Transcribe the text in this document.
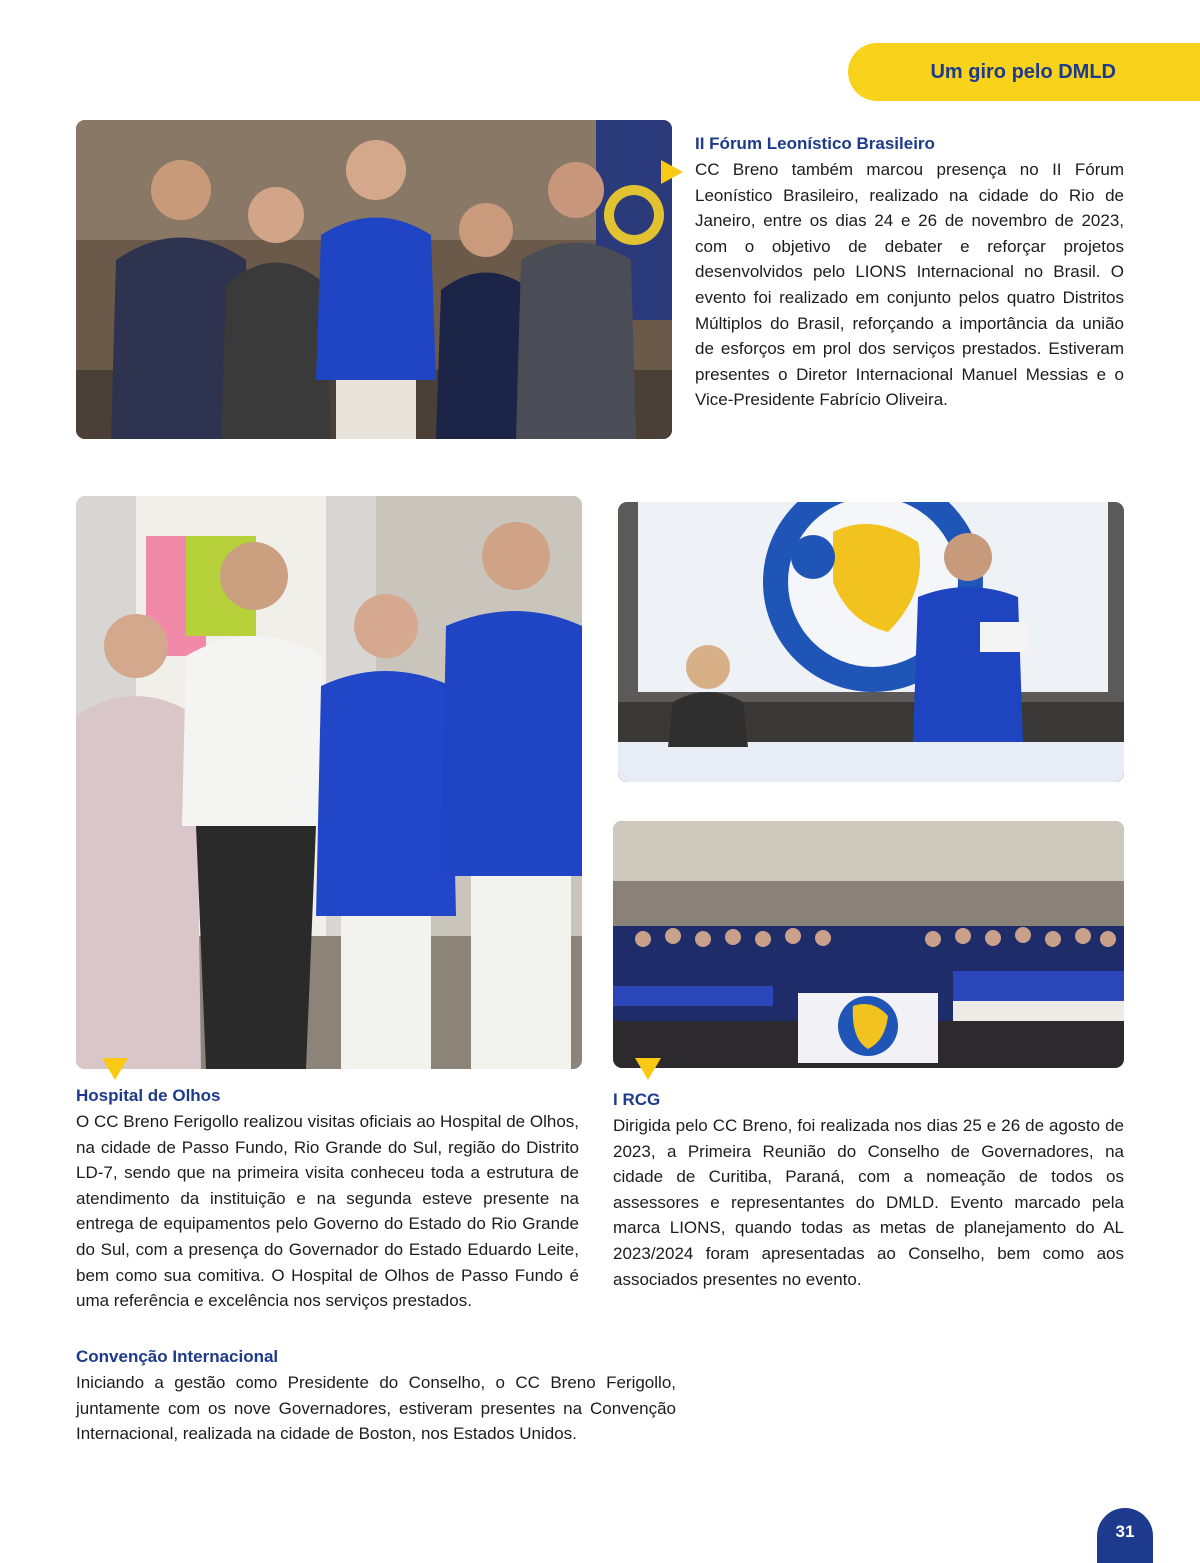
Um giro pelo DMLD
II Fórum Leonístico Brasileiro

CC Breno também marcou presença no II Fórum Leonístico Brasileiro, realizado na cidade do Rio de Janeiro, entre os dias 24 e 26 de novembro de 2023, com o objetivo de debater e reforçar projetos desenvolvidos pelo LIONS Internacional no Brasil. O evento foi realizado em conjunto pelos quatro Distritos Múltiplos do Brasil, reforçando a importância da união de esforços em prol dos serviços prestados. Estiveram presentes o Diretor Internacional Manuel Messias e o Vice-Presidente Fabrício Oliveira.

Hospital de Olhos

O CC Breno Ferigollo realizou visitas oficiais ao Hospital de Olhos, na cidade de Passo Fundo, Rio Grande do Sul, região do Distrito LD-7, sendo que na primeira visita conheceu toda a estrutura de atendimento da instituição e na segunda esteve presente na entrega de equipamentos pelo Governo do Estado do Rio Grande do Sul, com a presença do Governador do Estado Eduardo Leite, bem como sua comitiva. O Hospital de Olhos de Passo Fundo é uma referência e excelência nos serviços prestados.

I RCG

Dirigida pelo CC Breno, foi realizada nos dias 25 e 26 de agosto de 2023, a Primeira Reunião do Conselho de Governadores, na cidade de Curitiba, Paraná, com a nomeação de todos os assessores e representantes do DMLD. Evento marcado pela marca LIONS, quando todas as metas de planejamento do AL 2023/2024 foram apresentadas ao Conselho, bem como aos associados presentes no evento.

Convenção Internacional

Iniciando a gestão como Presidente do Conselho, o CC Breno Ferigollo, juntamente com os nove Governadores, estiveram presentes na Convenção Internacional, realizada na cidade de Boston, nos Estados Unidos.

31
